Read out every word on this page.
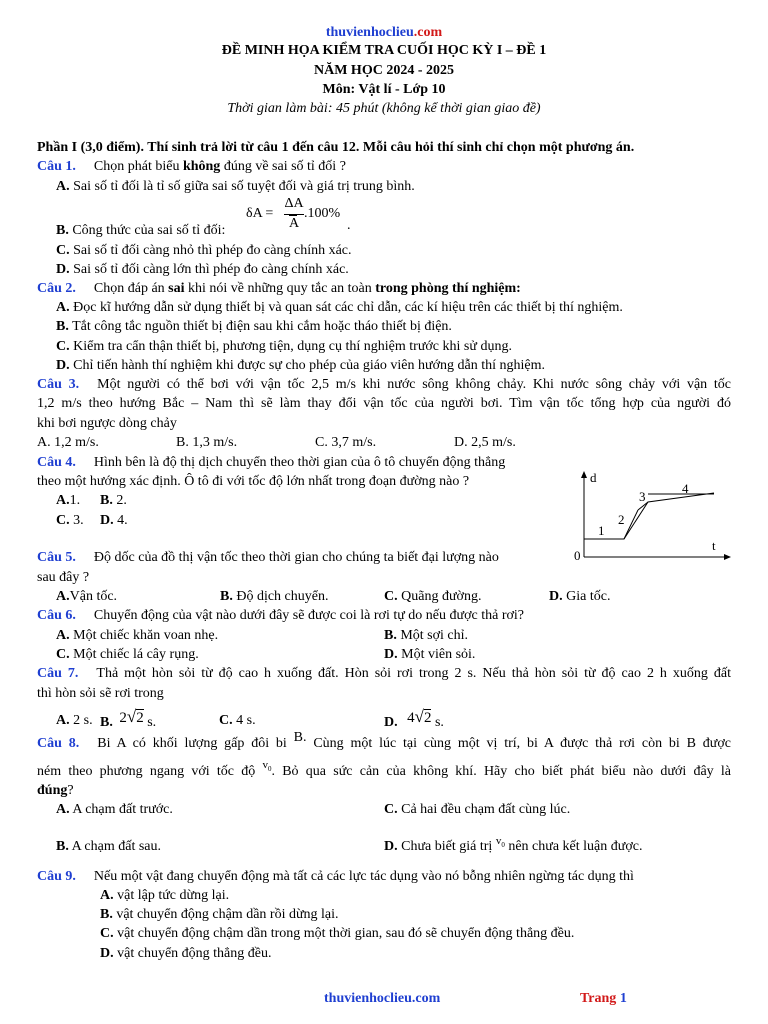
thuvienhoclieu.com
ĐỀ MINH HỌA KIỂM TRA CUỐI HỌC KỲ I – ĐỀ 1
NĂM HỌC 2024 - 2025
Môn: Vật lí - Lớp 10
Thời gian làm bài: 45 phút (không kể thời gian giao đề)
Phần I (3,0 điểm). Thí sinh trả lời từ câu 1 đến câu 12. Mỗi câu hỏi thí sinh chỉ chọn một phương án.
Câu 1. Chọn phát biểu không đúng về sai số tỉ đối ?
A. Sai số tỉ đối là tỉ số giữa sai số tuyệt đối và giá trị trung bình.
B. Công thức của sai số tỉ đối:
δA =
ΔA
A
.100%
.
C. Sai số tỉ đối càng nhỏ thì phép đo càng chính xác.
D. Sai số tỉ đối càng lớn thì phép đo càng chính xác.
Câu 2. Chọn đáp án sai khi nói về những quy tắc an toàn trong phòng thí nghiệm:
A. Đọc kĩ hướng dẫn sử dụng thiết bị và quan sát các chỉ dẫn, các kí hiệu trên các thiết bị thí nghiệm.
B. Tắt công tắc nguồn thiết bị điện sau khi cắm hoặc tháo thiết bị điện.
C. Kiểm tra cẩn thận thiết bị, phương tiện, dụng cụ thí nghiệm trước khi sử dụng.
D. Chỉ tiến hành thí nghiệm khi được sự cho phép của giáo viên hướng dẫn thí nghiệm.
Câu 3. Một người có thể bơi với vận tốc 2,5 m/s khi nước sông không chảy. Khi nước sông chảy với vận tốc
1,2 m/s theo hướng Bắc – Nam thì sẽ làm thay đổi vận tốc của người bơi. Tìm vận tốc tổng hợp của người đó
khi bơi ngược dòng chảy
A. 1,2 m/s.	B. 1,3 m/s.	C. 3,7 m/s.	D. 2,5 m/s.
Câu 4. Hình bên là độ thị dịch chuyển theo thời gian của ô tô chuyển động thẳng
theo một hướng xác định. Ô tô đi với tốc độ lớn nhất trong đoạn đường nào ?
A.1. B. 2.
C. 3. D. 4.
d
t
0
1
2
3
4
Câu 5. Độ dốc của đồ thị vận tốc theo thời gian cho chúng ta biết đại lượng nào
sau đây ?
A.Vận tốc.	B. Độ dịch chuyển.	C. Quãng đường.	D. Gia tốc.
Câu 6. Chuyển động của vật nào dưới đây sẽ được coi là rơi tự do nếu được thả rơi?
A. Một chiếc khăn voan nhẹ.	B. Một sợi chỉ.
C. Một chiếc lá cây rụng.	D. Một viên sỏi.
Câu 7. Thả một hòn sỏi từ độ cao h xuống đất. Hòn sỏi rơi trong 2 s. Nếu thả hòn sỏi từ độ cao 2 h xuống đất
thì hòn sỏi sẽ rơi trong
A. 2 s. B. 2√2 s.	C. 4 s.	D. 4√2 s.
Câu 8. Bi A có khối lượng gấp đôi bi B. Cùng một lúc tại cùng một vị trí, bi A được thả rơi còn bi B được
ném theo phương ngang với tốc độ $^{v_0}$. Bỏ qua sức cản của không khí. Hãy cho biết phát biểu nào dưới đây là
đúng?
A. A chạm đất trước.	C. Cả hai đều chạm đất cùng lúc.
B. A chạm đất sau.	D. Chưa biết giá trị $^{v_0}$ nên chưa kết luận được.
Câu 9. Nếu một vật đang chuyển động mà tất cả các lực tác dụng vào nó bỗng nhiên ngừng tác dụng thì
A. vật lập tức dừng lại.
B. vật chuyển động chậm dần rồi dừng lại.
C. vật chuyển động chậm dần trong một thời gian, sau đó sẽ chuyển động thẳng đều.
D. vật chuyển động thẳng đều.
thuvienhoclieu.com	Trang 1
